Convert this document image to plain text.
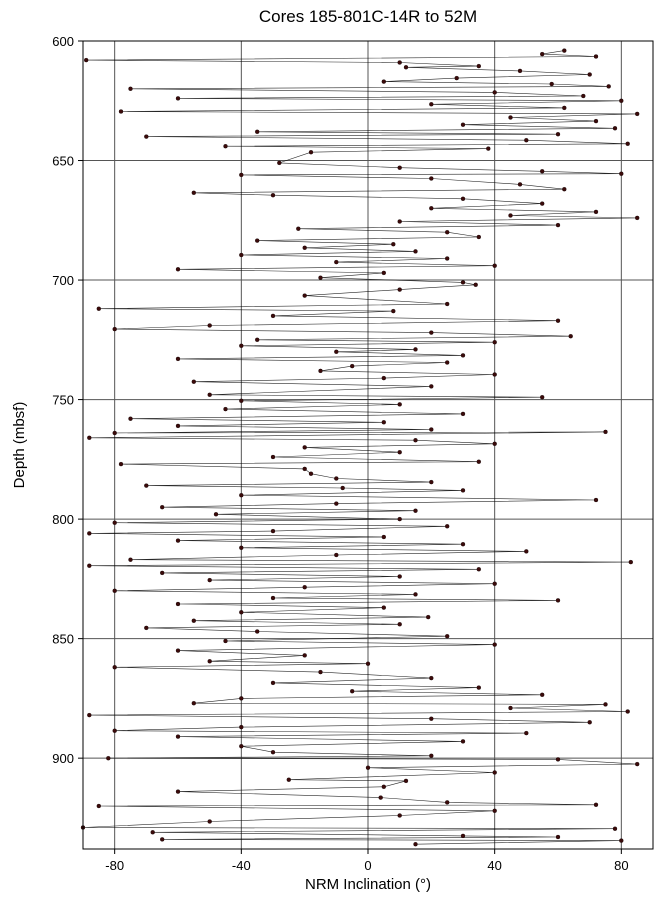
Cores 185-801C-14R to 52M
-80	-40	0	40	80
600
650
700
750
800
850
900
NRM Inclination (°)
Depth (mbsf)
